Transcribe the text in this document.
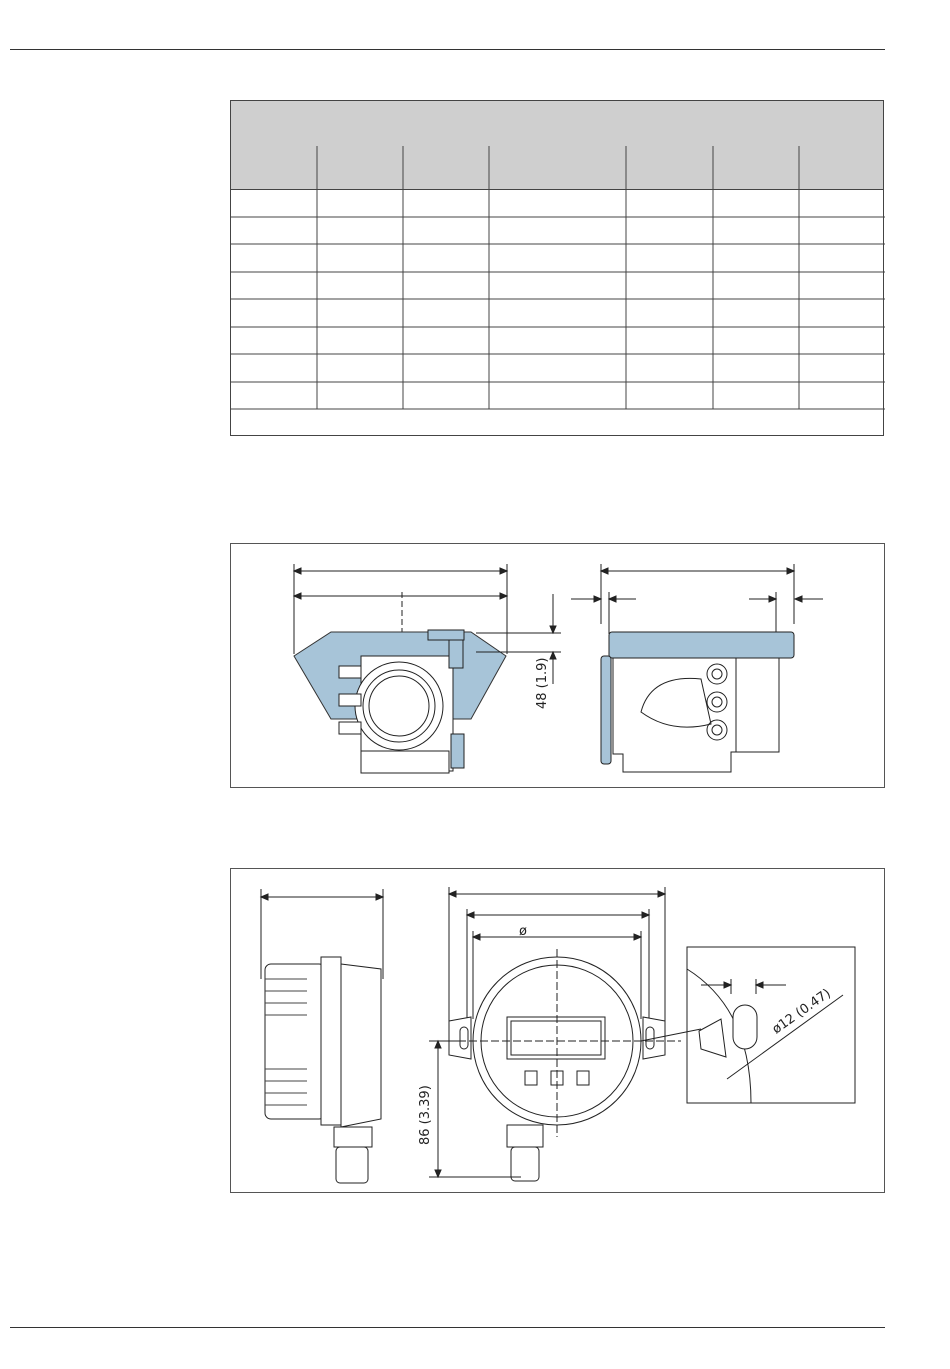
48 (1.9)
ø
86 (3.39)
ø12 (0.47)
